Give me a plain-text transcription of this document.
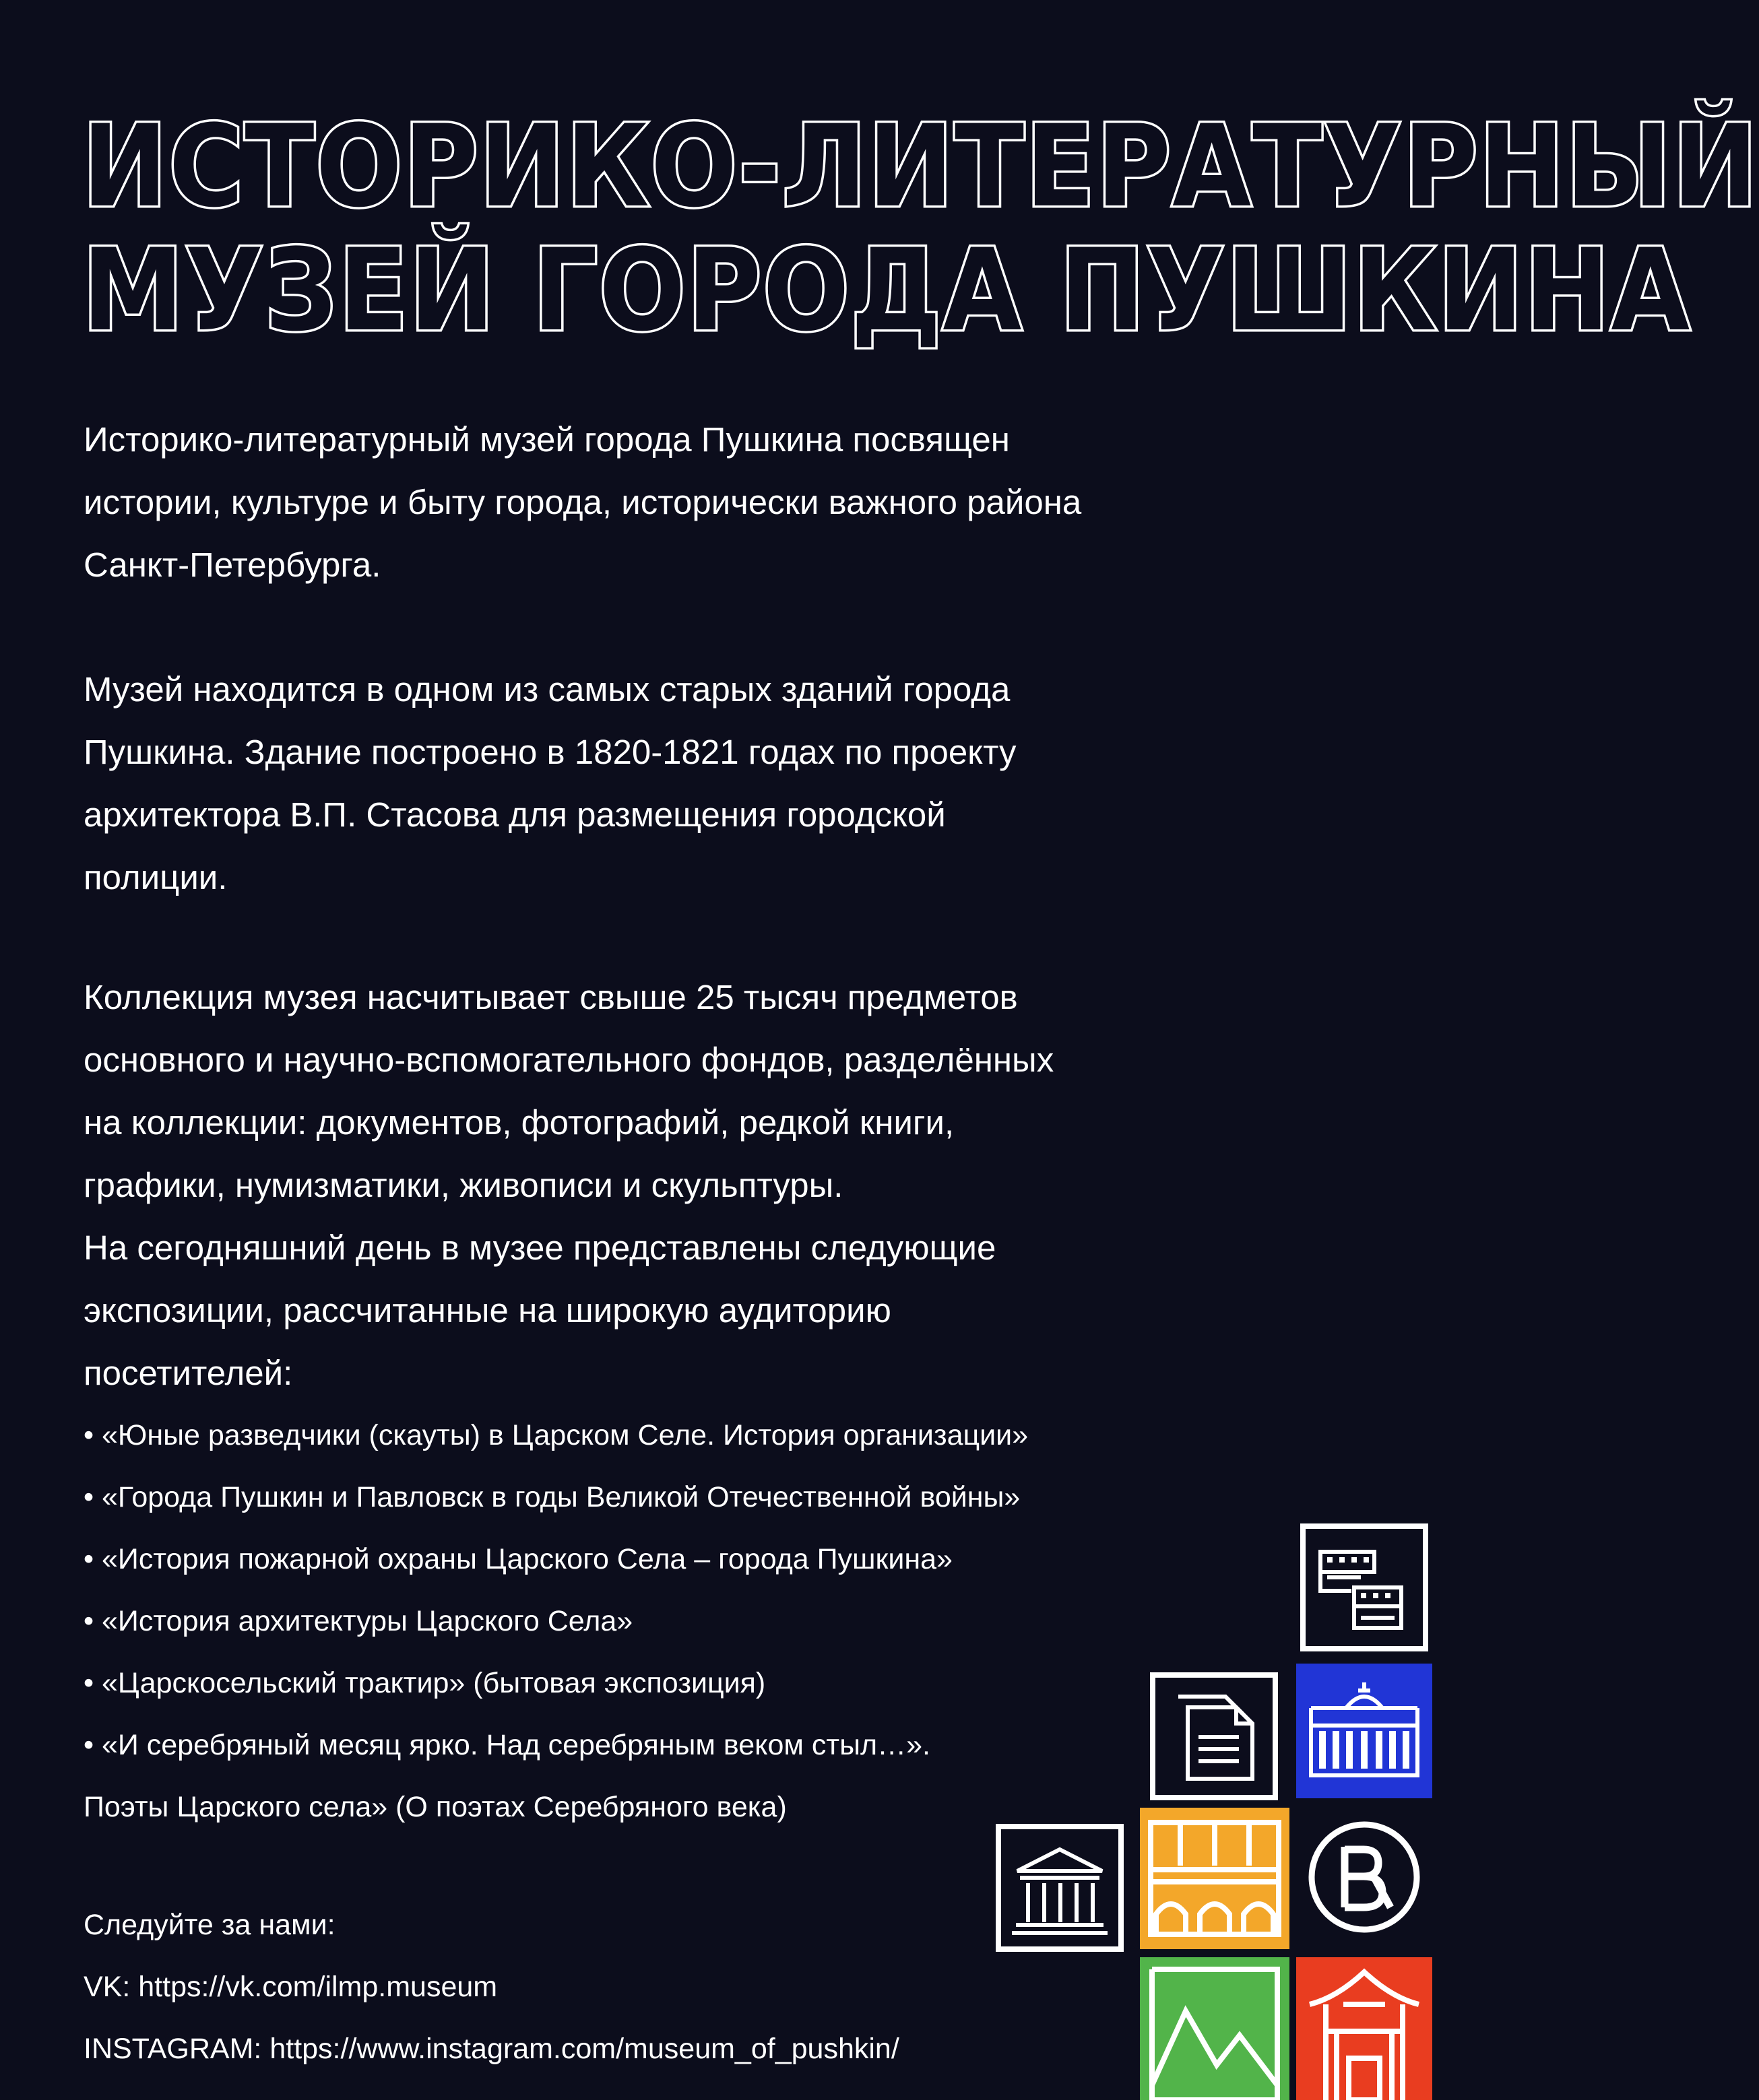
ИСТОРИКО-ЛИТЕРАТУРНЫЙ
МУЗЕЙ ГОРОДА ПУШКИНА

Историко-литературный музей города Пушкина посвящен
истории, культуре и быту города, исторически важного района
Санкт-Петербурга.

Музей находится в одном из самых старых зданий города
Пушкина. Здание построено в 1820-1821 годах по проекту
архитектора В.П. Стасова для размещения городской
полиции.

Коллекция музея насчитывает свыше 25 тысяч предметов
основного и научно-вспомогательного фондов, разделённых
на коллекции: документов, фотографий, редкой книги,
графики, нумизматики, живописи и скульптуры.
На сегодняшний день в музее представлены следующие
экспозиции, рассчитанные на широкую аудиторию
посетителей:

• «Юные разведчики (скауты) в Царском Селе. История организации»
• «Города Пушкин и Павловск в годы Великой Отечественной войны»
• «История пожарной охраны Царского Села – города Пушкина»
• «История архитектуры Царского Села»
• «Царскосельский трактир» (бытовая экспозиция)
• «И серебряный месяц ярко. Над серебряным веком стыл…».
Поэты Царского села» (О поэтах Серебряного века)
Следуйте за нами:
VK: https://vk.com/ilmp.museum
INSTAGRAM: https://www.instagram.com/museum_of_pushkin/
